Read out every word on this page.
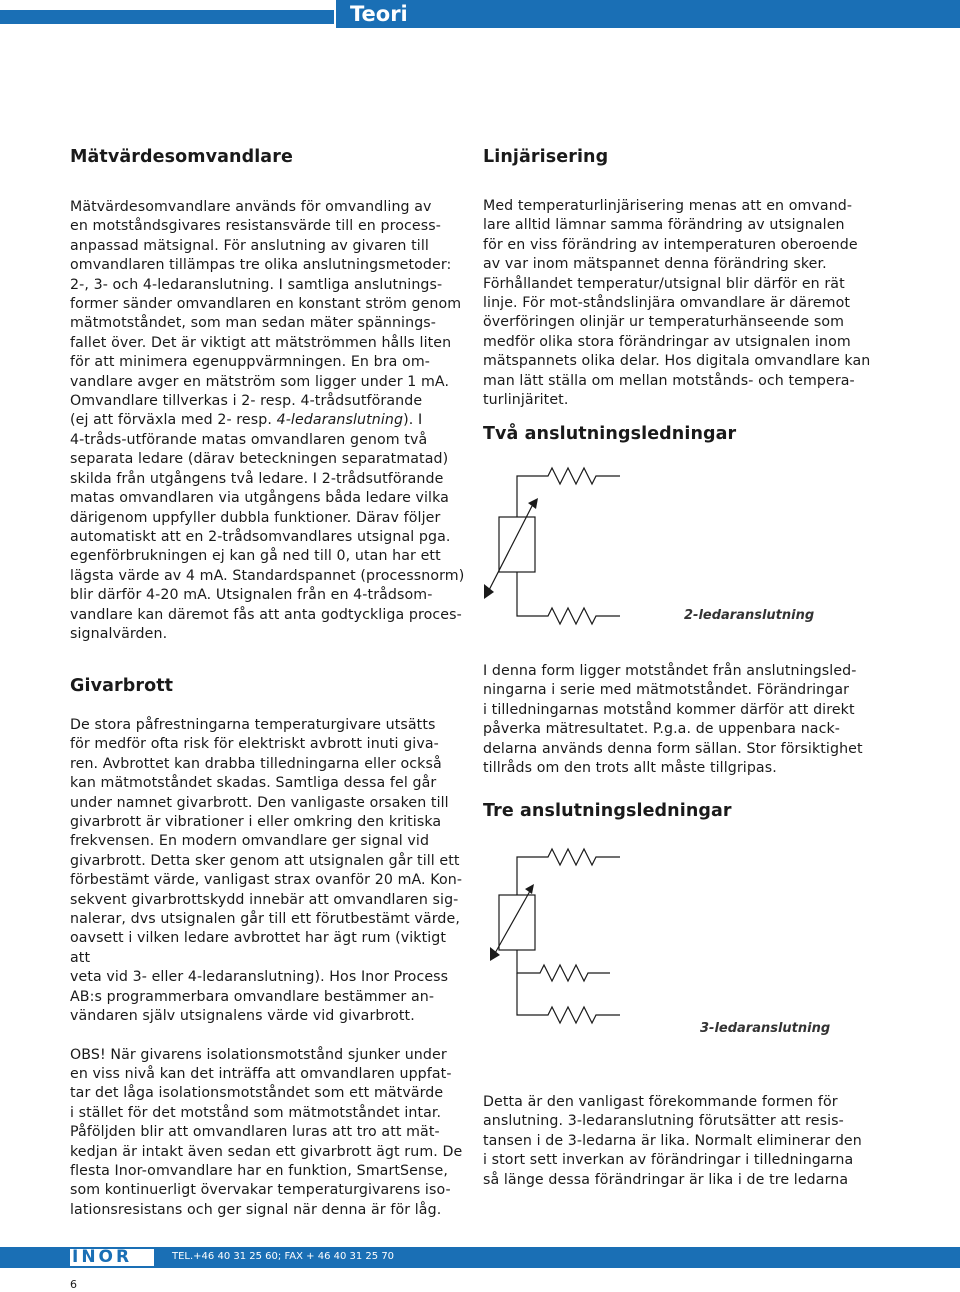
Teori
Mätvärdesomvandlare

Mätvärdesomvandlare används för omvandling av

en motståndsgivares resistansvärde till en process-

anpassad mätsignal. För anslutning av givaren till

omvandlaren tillämpas tre olika anslutningsmetoder:

2-, 3- och 4-ledaranslutning. I samtliga anslutnings-

former sänder omvandlaren en konstant ström genom

mätmotståndet, som man sedan mäter spännings-

fallet över. Det är viktigt att mätströmmen hålls liten

för att minimera egenuppvärmningen. En bra om-

vandlare avger en mätström som ligger under 1 mA.

Omvandlare tillverkas i 2- resp. 4-trådsutförande

(ej att förväxla med 2- resp. 4-ledaranslutning). I

4-tråds-utförande matas omvandlaren genom två

separata ledare (därav beteckningen separatmatad)

skilda från utgångens två ledare. I 2-trådsutförande

matas omvandlaren via utgångens båda ledare vilka

därigenom uppfyller dubbla funktioner. Därav följer

automatiskt att en 2-trådsomvandlares utsignal pga.

egenförbrukningen ej kan gå ned till 0, utan har ett

lägsta värde av 4 mA. Standardspannet (processnorm)

blir därför 4-20 mA. Utsignalen från en 4-trådsom-

vandlare kan däremot fås att anta godtyckliga proces-

signalvärden.

Givarbrott

De stora påfrestningarna temperaturgivare utsätts

för medför ofta risk för elektriskt avbrott inuti giva-

ren. Avbrottet kan drabba tilledningarna eller också

kan mätmotståndet skadas. Samtliga dessa fel går

under namnet givarbrott. Den vanligaste orsaken till

givarbrott är vibrationer i eller omkring den kritiska

frekvensen. En modern omvandlare ger signal vid

givarbrott. Detta sker genom att utsignalen går till ett

förbestämt värde, vanligast strax ovanför 20 mA. Kon-

sekvent givarbrottskydd innebär att omvandlaren sig-

nalerar, dvs utsignalen går till ett förutbestämt värde,

oavsett i vilken ledare avbrottet har ägt rum (viktigt att

veta vid 3- eller 4-ledaranslutning). Hos Inor Process

AB:s programmerbara omvandlare bestämmer an-

vändaren själv utsignalens värde vid givarbrott.

OBS! När givarens isolationsmotstånd sjunker under

en viss nivå kan det inträffa att omvandlaren uppfat-

tar det låga isolationsmotståndet som ett mätvärde

i stället för det motstånd som mätmotståndet intar.

Påföljden blir att omvandlaren luras att tro att mät-

kedjan är intakt även sedan ett givarbrott ägt rum. De

flesta Inor-omvandlare har en funktion, SmartSense,

som kontinuerligt övervakar temperaturgivarens iso-

lationsresistans och ger signal när denna är för låg.

Linjärisering

Med temperaturlinjärisering menas att en omvand-

lare alltid lämnar samma förändring av utsignalen

för en viss förändring av intemperaturen oberoende

av var inom mätspannet denna förändring sker.

Förhållandet temperatur/utsignal blir därför en rät

linje. För mot-ståndslinjära omvandlare är däremot

överföringen olinjär ur temperaturhänseende som

medför olika stora förändringar av utsignalen inom

mätspannets olika delar. Hos digitala omvandlare kan

man lätt ställa om mellan motstånds- och tempera-

turlinjäritet.

Två anslutningsledningar
2-ledaranslutning

I denna form ligger motståndet från anslutningsled-

ningarna i serie med mätmotståndet. Förändringar

i tilledningarnas motstånd kommer därför att direkt

påverka mätresultatet. P.g.a. de uppenbara nack-

delarna används denna form sällan. Stor försiktighet

tillråds om den trots allt måste tillgripas.

Tre anslutningsledningar
3-ledaranslutning

Detta är den vanligast förekommande formen för

anslutning. 3-ledaranslutning förutsätter att resis-

tansen i de 3-ledarna är lika. Normalt eliminerar den

i stort sett inverkan av förändringar i tilledningarna

så länge dessa förändringar är lika i de tre ledarna

INOR	TEL.+46 40 31 25 60; FAX + 46 40 31 25 70
6
